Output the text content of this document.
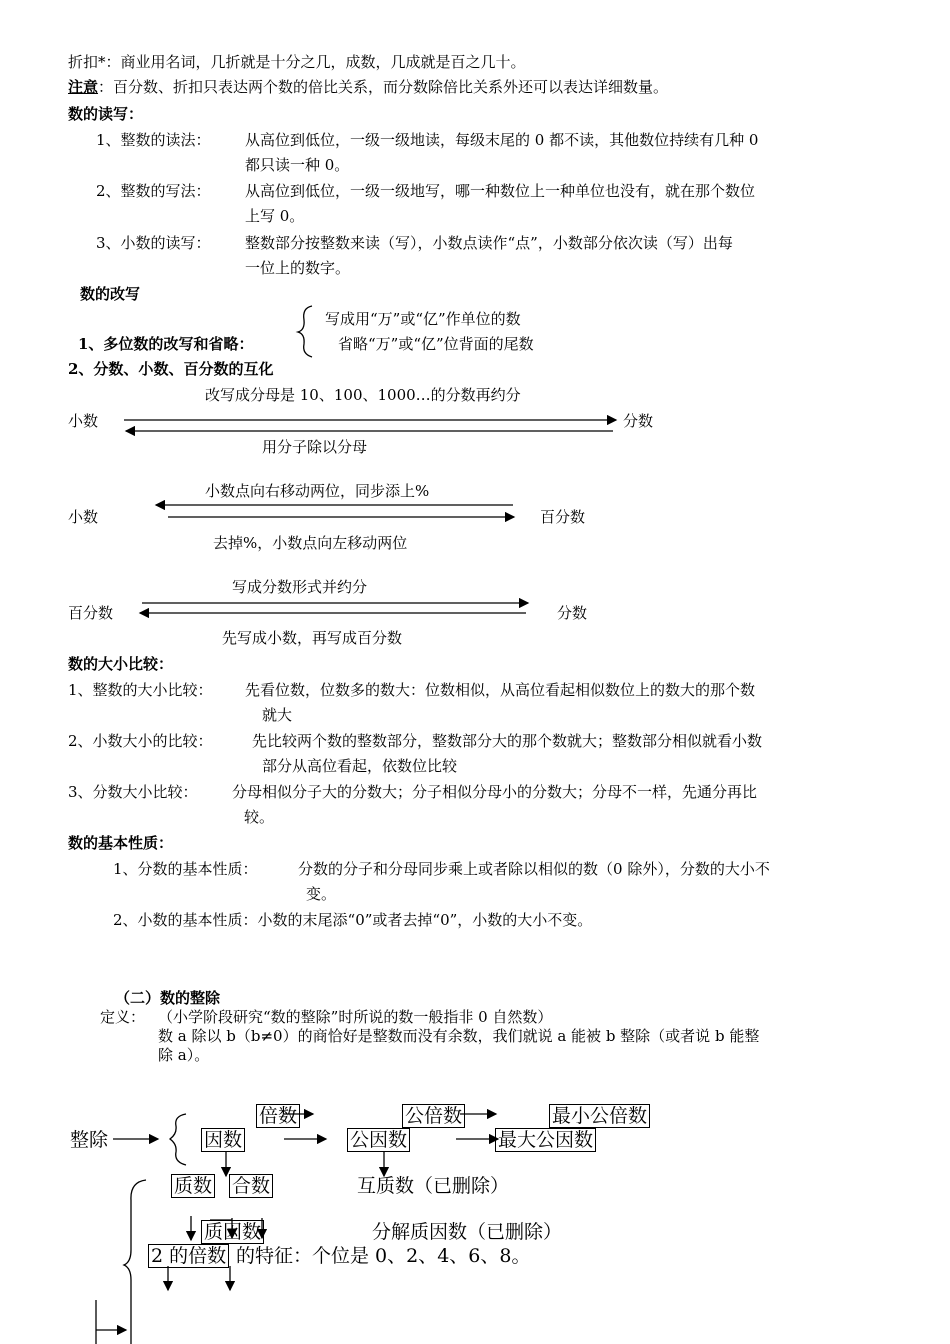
折扣*：商业用名词，几折就是十分之几，成数，几成就是百之几十。
注意：百分数、折扣只表达两个数的倍比关系，而分数除倍比关系外还可以表达详细数量。
数的读写：
1、整数的读法： 从高位到低位，一级一级地读，每级末尾的 0 都不读，其他数位持续有几种 0
都只读一种 0。
2、整数的写法： 从高位到低位，一级一级地写，哪一种数位上一种单位也没有，就在那个数位
上写 0。
3、小数的读写： 整数部分按整数来读（写），小数点读作“点”，小数部分依次读（写）出每
一位上的数字。
数的改写
1、多位数的改写和省略：
写成用“万”或“亿”作单位的数
省略“万”或“亿”位背面的尾数
2、分数、小数、百分数的互化
改写成分母是 10、100、1000…的分数再约分
小数	分数
用分子除以分母
小数点向右移动两位，同步添上%
小数	百分数
去掉%，小数点向左移动两位
写成分数形式并约分
百分数	分数
先写成小数，再写成百分数
数的大小比较：
1、整数的大小比较： 先看位数，位数多的数大：位数相似，从高位看起相似数位上的数大的那个数
就大
2、小数大小的比较：	先比较两个数的整数部分，整数部分大的那个数就大；整数部分相似就看小数
部分从高位看起，依数位比较
3、分数大小比较： 分母相似分子大的分数大；分子相似分母小的分数大；分母不一样，先通分再比
较。
数的基本性质：
1、分数的基本性质：	分数的分子和分母同步乘上或者除以相似的数（0 除外），分数的大小不
变。
2、小数的基本性质：小数的末尾添“0”或者去掉“0”，小数的大小不变。
（二）数的整除
定义： （小学阶段研究“数的整除”时所说的数一般指非 0 自然数）
数 a 除以 b（b≠0）的商恰好是整数而没有余数，我们就说 a 能被 b 整除（或者说 b 能整
除 a）。
整除
倍数
因数
公倍数	最小公倍数
公因数	最大公因数
质数 合数	互质数（已删除）
质因数	分解质因数（已删除）
2 的倍数 的特征：个位是 0、2、4、6、8。
